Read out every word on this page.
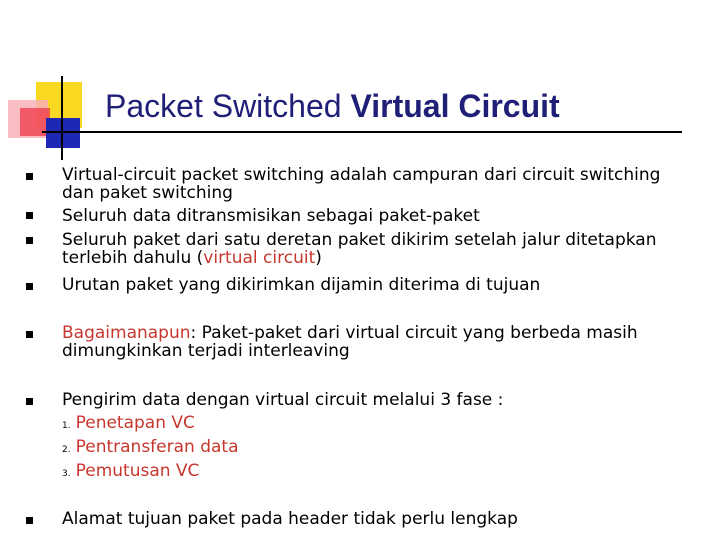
Packet Switched Virtual Circuit
Virtual-circuit packet switching adalah campuran dari circuit switching
dan paket switching
Seluruh data ditransmisikan sebagai paket-paket
Seluruh paket dari satu deretan paket dikirim setelah jalur ditetapkan
terlebih dahulu (virtual circuit)
Urutan paket yang dikirimkan dijamin diterima di tujuan
Bagaimanapun: Paket-paket dari virtual circuit yang berbeda masih
dimungkinkan terjadi interleaving
Pengirim data dengan virtual circuit melalui 3 fase :
1. Penetapan VC
2. Pentransferan data
3. Pemutusan VC
Alamat tujuan paket pada header tidak perlu lengkap
